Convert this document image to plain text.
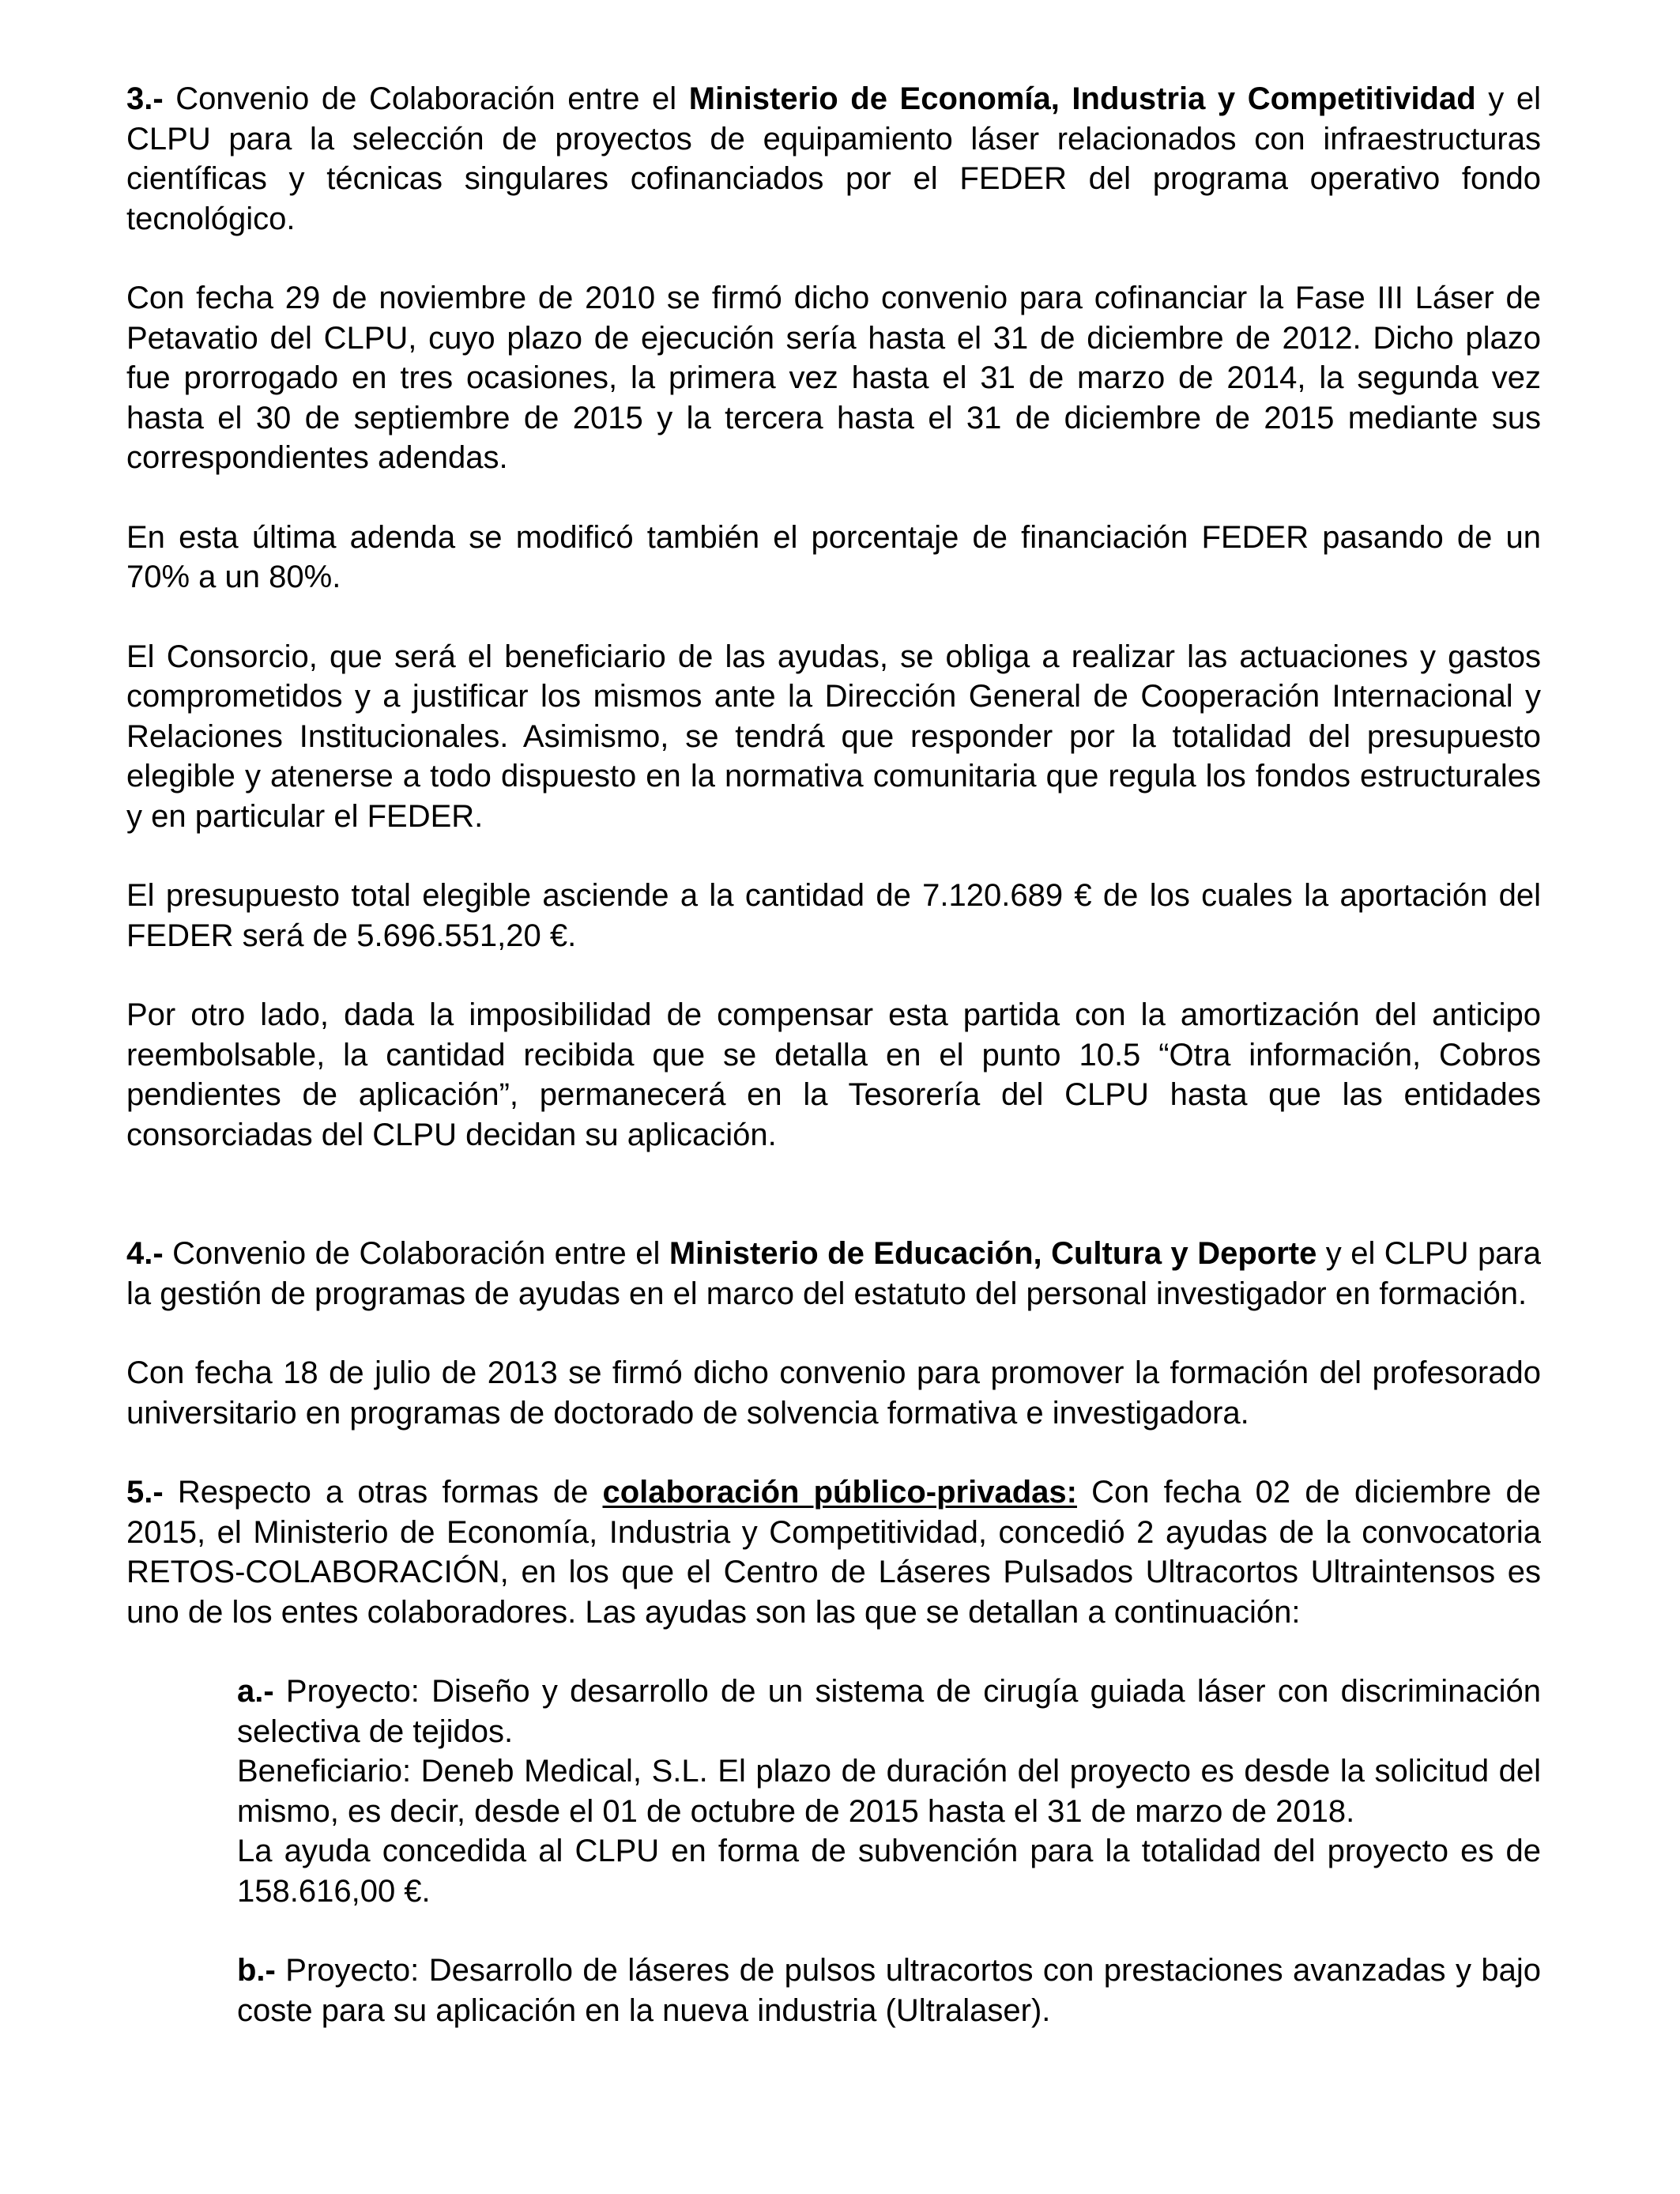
3.- Convenio de Colaboración entre el Ministerio de Economía, Industria y Competitividad y el CLPU para la selección de proyectos de equipamiento láser relacionados con infraestructuras científicas y técnicas singulares cofinanciados por el FEDER del programa operativo fondo tecnológico.

Con fecha 29 de noviembre de 2010 se firmó dicho convenio para cofinanciar la Fase III Láser de Petavatio del CLPU, cuyo plazo de ejecución sería hasta el 31 de diciembre de 2012. Dicho plazo fue prorrogado en tres ocasiones, la primera vez hasta el 31 de marzo de 2014, la segunda vez hasta el 30 de septiembre de 2015 y la tercera hasta el 31 de diciembre de 2015 mediante sus correspondientes adendas.

En esta última adenda se modificó también el porcentaje de financiación FEDER pasando de un 70% a un 80%.

El Consorcio, que será el beneficiario de las ayudas, se obliga a realizar las actuaciones y gastos comprometidos y a justificar los mismos ante la Dirección General de Cooperación Internacional y Relaciones Institucionales. Asimismo, se tendrá que responder por la totalidad del presupuesto elegible y atenerse a todo dispuesto en la normativa comunitaria que regula los fondos estructurales y en particular el FEDER.

El presupuesto total elegible asciende a la cantidad de 7.120.689 € de los cuales la aportación del FEDER será de 5.696.551,20 €.

Por otro lado, dada la imposibilidad de compensar esta partida con la amortización del anticipo reembolsable, la cantidad recibida que se detalla en el punto 10.5 “Otra información, Cobros pendientes de aplicación”, permanecerá en la Tesorería del CLPU hasta que las entidades consorciadas del CLPU decidan su aplicación.

4.- Convenio de Colaboración entre el Ministerio de Educación, Cultura y Deporte y el CLPU para la gestión de programas de ayudas en el marco del estatuto del personal investigador en formación.

Con fecha 18 de julio de 2013 se firmó dicho convenio para promover la formación del profesorado universitario en programas de doctorado de solvencia formativa e investigadora.

5.- Respecto a otras formas de colaboración público-privadas: Con fecha 02 de diciembre de 2015, el Ministerio de Economía, Industria y Competitividad, concedió 2 ayudas de la convocatoria RETOS-COLABORACIÓN, en los que el Centro de Láseres Pulsados Ultracortos Ultraintensos es uno de los entes colaboradores. Las ayudas son las que se detallan a continuación:

a.- Proyecto: Diseño y desarrollo de un sistema de cirugía guiada láser con discriminación selectiva de tejidos.

Beneficiario: Deneb Medical, S.L. El plazo de duración del proyecto es desde la solicitud del mismo, es decir, desde el 01 de octubre de 2015 hasta el 31 de marzo de 2018.

La ayuda concedida al CLPU en forma de subvención para la totalidad del proyecto es de 158.616,00 €.

b.- Proyecto: Desarrollo de láseres de pulsos ultracortos con prestaciones avanzadas y bajo coste para su aplicación en la nueva industria (Ultralaser).
